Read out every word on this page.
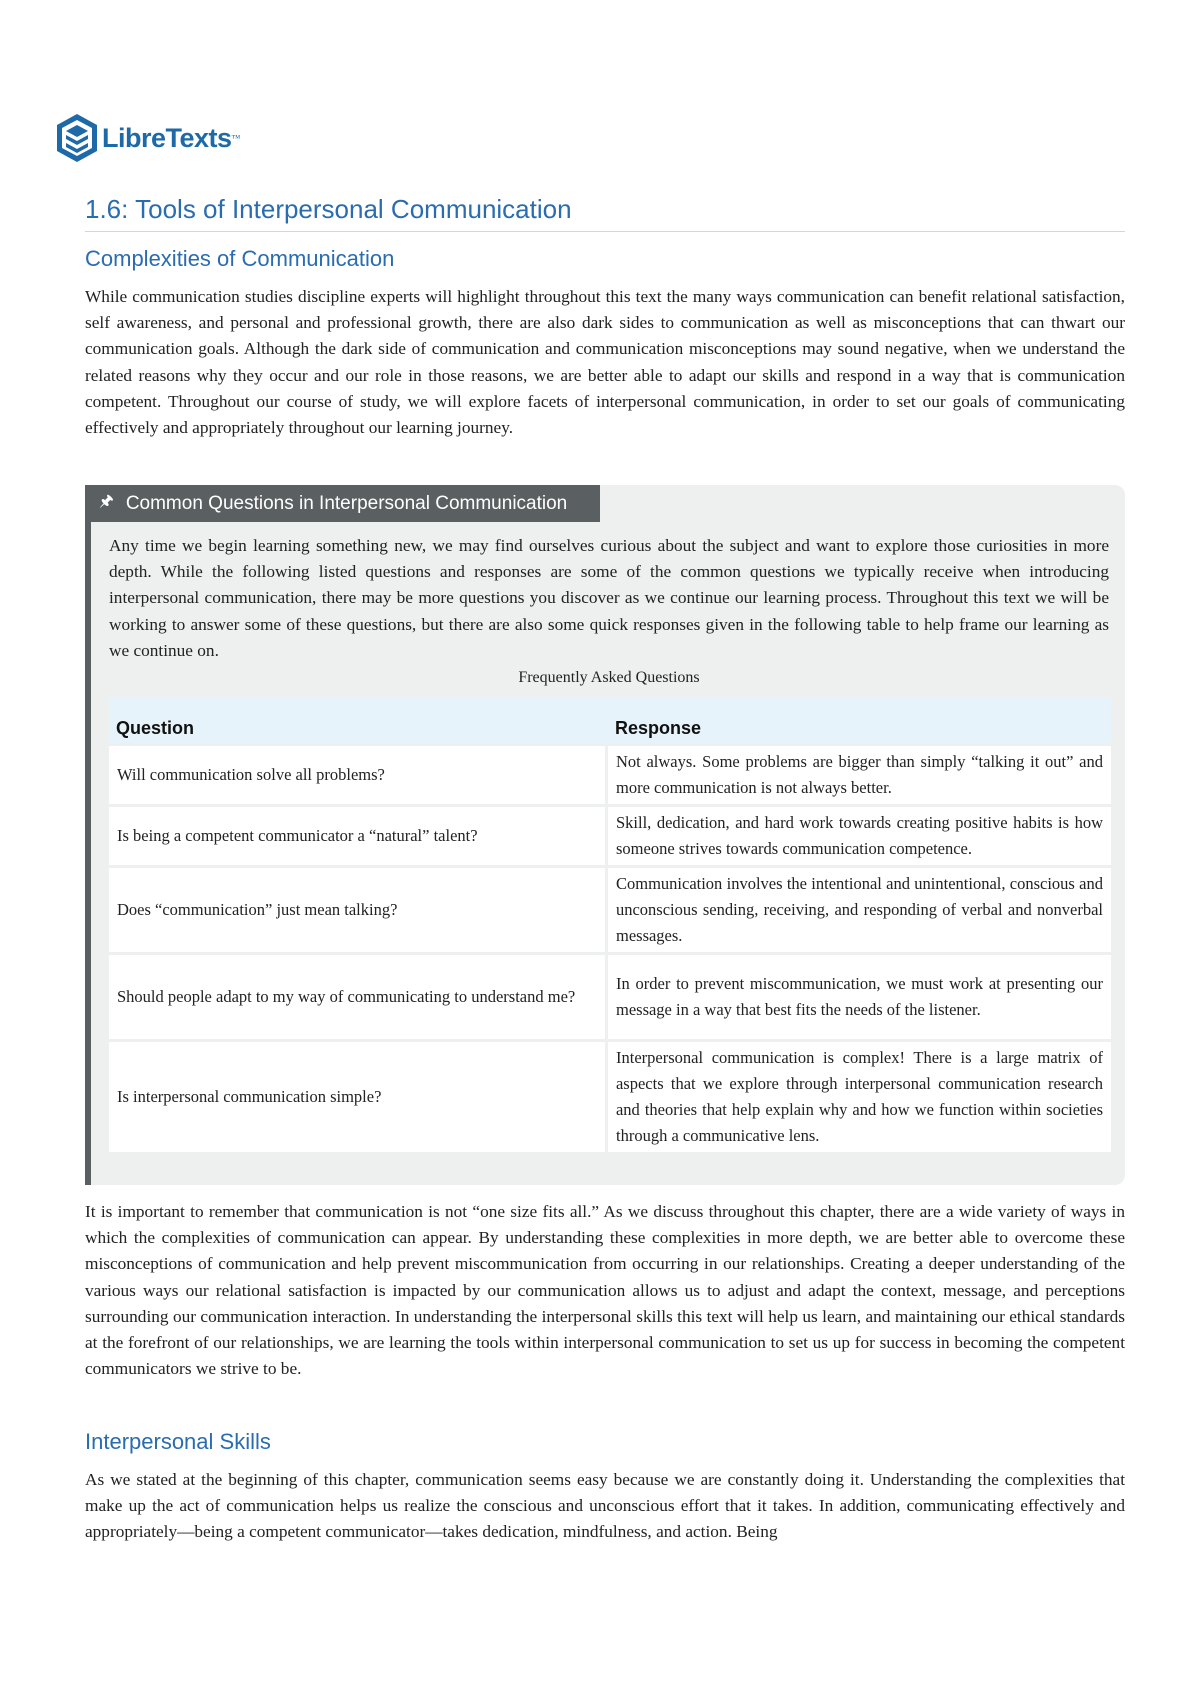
LibreTexts ™
1.6: Tools of Interpersonal Communication
Complexities of Communication

While communication studies discipline experts will highlight throughout this text the many ways communication can benefit relational satisfaction, self awareness, and personal and professional growth, there are also dark sides to communication as well as misconceptions that can thwart our communication goals. Although the dark side of communication and communication misconceptions may sound negative, when we understand the related reasons why they occur and our role in those reasons, we are better able to adapt our skills and respond in a way that is communication competent. Throughout our course of study, we will explore facets of interpersonal communication, in order to set our goals of communicating effectively and appropriately throughout our learning journey.

🖈︎ Common Questions in Interpersonal Communication

Any time we begin learning something new, we may find ourselves curious about the subject and want to explore those curiosities in more depth. While the following listed questions and responses are some of the common questions we typically receive when introducing interpersonal communication, there may be more questions you discover as we continue our learning process. Throughout this text we will be working to answer some of these questions, but there are also some quick responses given in the following table to help frame our learning as we continue on.

Frequently Asked Questions
Question	Response
Will communication solve all problems?	Not always. Some problems are bigger than simply “talking it out” and more communication is not always better.
Is being a competent communicator a “natural” talent?	Skill, dedication, and hard work towards creating positive habits is how someone strives towards communication competence.
Does “communication” just mean talking?	Communication involves the intentional and unintentional, conscious and unconscious sending, receiving, and responding of verbal and nonverbal messages.
Should people adapt to my way of communicating to understand me?	In order to prevent miscommunication, we must work at presenting our message in a way that best fits the needs of the listener.
Is interpersonal communication simple?	Interpersonal communication is complex! There is a large matrix of aspects that we explore through interpersonal communication research and theories that help explain why and how we function within societies through a communicative lens.

It is important to remember that communication is not “one size fits all.” As we discuss throughout this chapter, there are a wide variety of ways in which the complexities of communication can appear. By understanding these complexities in more depth, we are better able to overcome these misconceptions of communication and help prevent miscommunication from occurring in our relationships. Creating a deeper understanding of the various ways our relational satisfaction is impacted by our communication allows us to adjust and adapt the context, message, and perceptions surrounding our communication interaction. In understanding the interpersonal skills this text will help us learn, and maintaining our ethical standards at the forefront of our relationships, we are learning the tools within interpersonal communication to set us up for success in becoming the competent communicators we strive to be.

Interpersonal Skills

As we stated at the beginning of this chapter, communication seems easy because we are constantly doing it. Understanding the complexities that make up the act of communication helps us realize the conscious and unconscious effort that it takes. In addition, communicating effectively and appropriately—being a competent communicator—takes dedication, mindfulness, and action. Being
